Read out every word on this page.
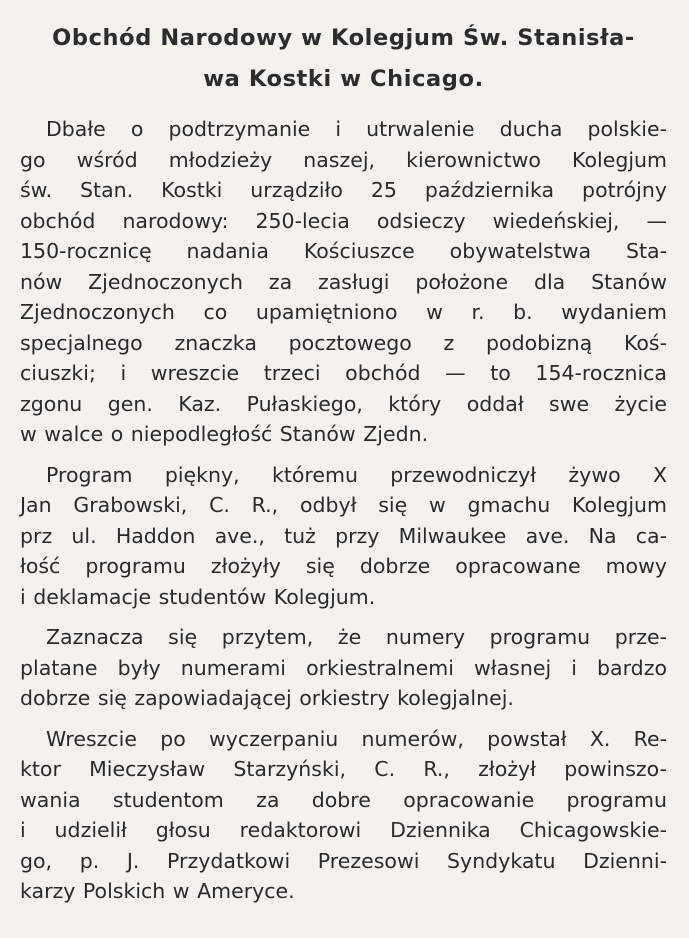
Obchód Narodowy w Kolegjum Św. Stanisła-
wa Kostki w Chicago.

Dbałe o podtrzymanie i utrwalenie ducha polskie-
go wśród młodzieży naszej, kierownictwo Kolegjum
św. Stan. Kostki urządziło 25 października potrójny
obchód narodowy: 250-lecia odsieczy wiedeńskiej, —
150-rocznicę nadania Kościuszce obywatelstwa Sta-
nów Zjednoczonych za zasługi położone dla Stanów
Zjednoczonych co upamiętniono w r. b. wydaniem
specjalnego znaczka pocztowego z podobizną Koś-
ciuszki; i wreszcie trzeci obchód — to 154-rocznica
zgonu gen. Kaz. Pułaskiego, który oddał swe życie
w walce o niepodległość Stanów Zjedn.

Program piękny, któremu przewodniczył żywo X
Jan Grabowski, C. R., odbył się w gmachu Kolegjum
prz ul. Haddon ave., tuż przy Milwaukee ave. Na ca-
łość programu złożyły się dobrze opracowane mowy
i deklamacje studentów Kolegjum.

Zaznacza się przytem, że numery programu prze-
platane były numerami orkiestralnemi własnej i bardzo
dobrze się zapowiadającej orkiestry kolegjalnej.

Wreszcie po wyczerpaniu numerów, powstał X. Re-
ktor Mieczysław Starzyński, C. R., złożył powinszo-
wania studentom za dobre opracowanie programu
i udzielił głosu redaktorowi Dziennika Chicagowskie-
go, p. J. Przydatkowi Prezesowi Syndykatu Dzienni-
karzy Polskich w Ameryce.
